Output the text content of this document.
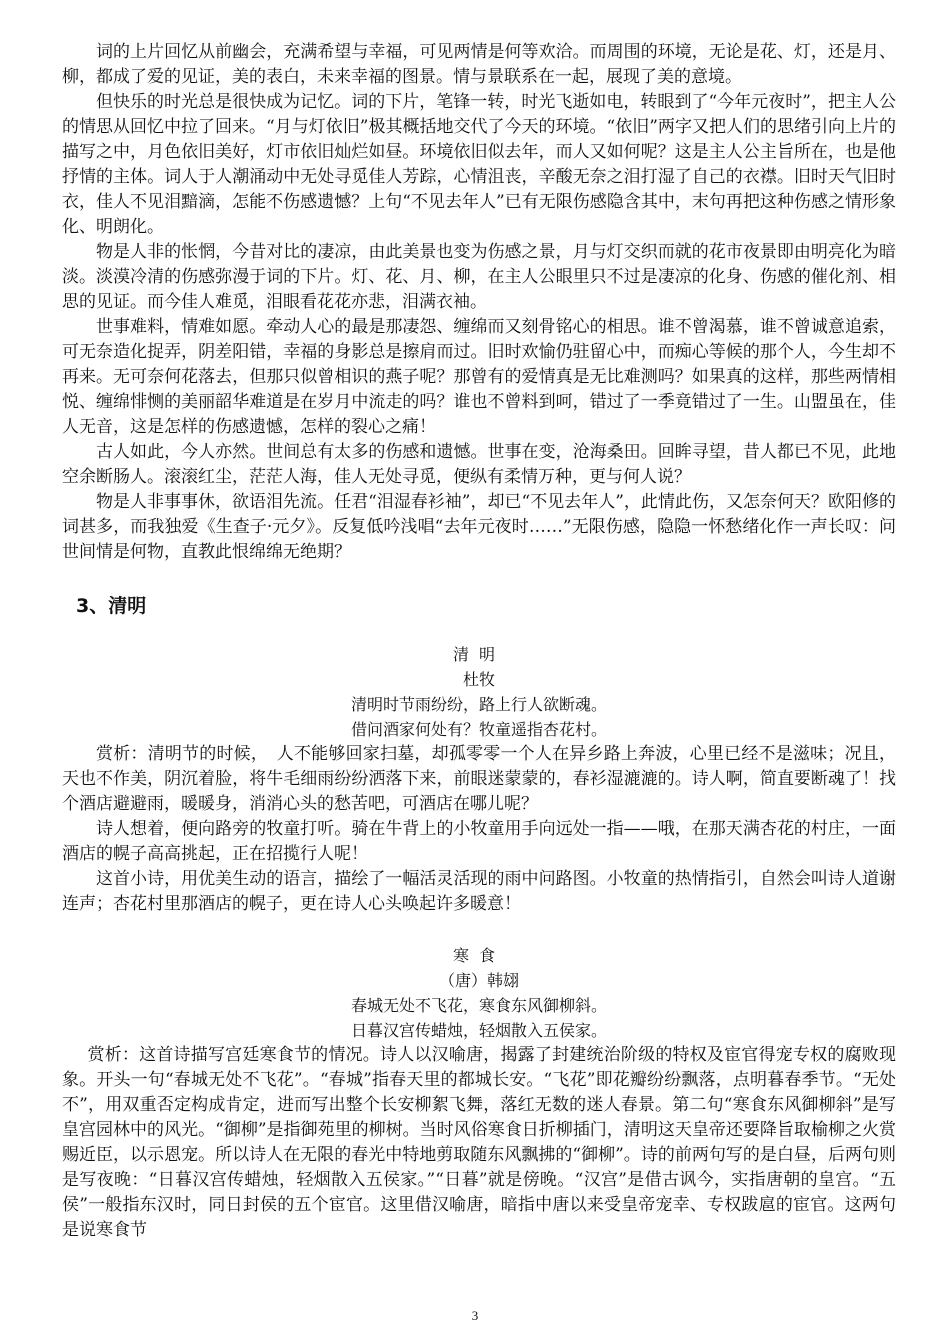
词的上片回忆从前幽会，充满希望与幸福，可见两情是何等欢洽。而周围的环境，无论是花、灯，还是月、柳，都成了爱的见证，美的表白，未来幸福的图景。情与景联系在一起，展现了美的意境。

但快乐的时光总是很快成为记忆。词的下片，笔锋一转，时光飞逝如电，转眼到了“今年元夜时”，把主人公的情思从回忆中拉了回来。“月与灯依旧”极其概括地交代了今天的环境。“依旧”两字又把人们的思绪引向上片的描写之中，月色依旧美好，灯市依旧灿烂如昼。环境依旧似去年，而人又如何呢？这是主人公主旨所在，也是他抒情的主体。词人于人潮涌动中无处寻觅佳人芳踪，心情沮丧，辛酸无奈之泪打湿了自己的衣襟。旧时天气旧时衣，佳人不见泪黯滴，怎能不伤感遗憾？上句“不见去年人”已有无限伤感隐含其中，末句再把这种伤感之情形象化、明朗化。

物是人非的怅惘，今昔对比的凄凉，由此美景也变为伤感之景，月与灯交织而就的花市夜景即由明亮化为暗淡。淡漠冷清的伤感弥漫于词的下片。灯、花、月、柳，在主人公眼里只不过是凄凉的化身、伤感的催化剂、相思的见证。而今佳人难觅，泪眼看花花亦悲，泪满衣袖。

世事难料，情难如愿。牵动人心的最是那凄怨、缠绵而又刻骨铭心的相思。谁不曾渴慕，谁不曾诚意追索，可无奈造化捉弄，阴差阳错，幸福的身影总是擦肩而过。旧时欢愉仍驻留心中，而痴心等候的那个人，今生却不再来。无可奈何花落去，但那只似曾相识的燕子呢？那曾有的爱情真是无比难测吗？如果真的这样，那些两情相悦、缠绵悱恻的美丽韶华难道是在岁月中流走的吗？谁也不曾料到呵，错过了一季竟错过了一生。山盟虽在，佳人无音，这是怎样的伤感遗憾，怎样的裂心之痛！

古人如此，今人亦然。世间总有太多的伤感和遗憾。世事在变，沧海桑田。回眸寻望，昔人都已不见，此地空余断肠人。滚滚红尘，茫茫人海，佳人无处寻觅，便纵有柔情万种，更与何人说？

物是人非事事休，欲语泪先流。任君“泪湿春衫袖”，却已“不见去年人”，此情此伤，又怎奈何天？欧阳修的　词甚多，而我独爱《生查子·元夕》。反复低吟浅唱“去年元夜时……”无限伤感，隐隐一怀愁绪化作一声长叹：问世间情是何物，直教此恨绵绵无绝期？

3、清明
清明
杜牧
清明时节雨纷纷，路上行人欲断魂。
借问酒家何处有？牧童遥指杏花村。

赏析：清明节的时候，　人不能够回家扫墓，却孤零零一个人在异乡路上奔波，心里已经不是滋味；况且，天也不作美，阴沉着脸，将牛毛细雨纷纷洒落下来，前眼迷蒙蒙的，春衫湿漉漉的。诗人啊，简直要断魂了！找个酒店避避雨，暖暖身，消消心头的愁苦吧，可酒店在哪儿呢？

诗人想着，便向路旁的牧童打听。骑在牛背上的小牧童用手向远处一指——哦，在那天满杏花的村庄，一面酒店的幌子高高挑起，正在招揽行人呢！

这首小诗，用优美生动的语言，描绘了一幅活灵活现的雨中问路图。小牧童的热情指引，自然会叫诗人道谢连声；杏花村里那酒店的幌子，更在诗人心头唤起许多暖意！

寒食
（唐）韩翃
春城无处不飞花，寒食东风御柳斜。
日暮汉宫传蜡烛，轻烟散入五侯家。

赏析：这首诗描写宫廷寒食节的情况。诗人以汉喻唐，揭露了封建统治阶级的特权及宦官得宠专权的腐败现象。开头一句“春城无处不飞花”。“春城”指春天里的都城长安。“飞花”即花瓣纷纷飘落，点明暮春季节。“无处不”，用双重否定构成肯定，进而写出整个长安柳絮飞舞，落红无数的迷人春景。第二句“寒食东风御柳斜”是写皇宫园林中的风光。“御柳”是指御苑里的柳树。当时风俗寒食日折柳插门，清明这天皇帝还要降旨取榆柳之火赏赐近臣，以示恩宠。所以诗人在无限的春光中特地剪取随东风飘拂的“御柳”。诗的前两句写的是白昼，后两句则是写夜晚：“日暮汉宫传蜡烛，轻烟散入五侯家。”“日暮”就是傍晚。“汉宫”是借古讽今，实指唐朝的皇宫。“五侯”一般指东汉时，同日封侯的五个宦官。这里借汉喻唐，暗指中唐以来受皇帝宠幸、专权跋扈的宦官。这两句是说寒食节

3
